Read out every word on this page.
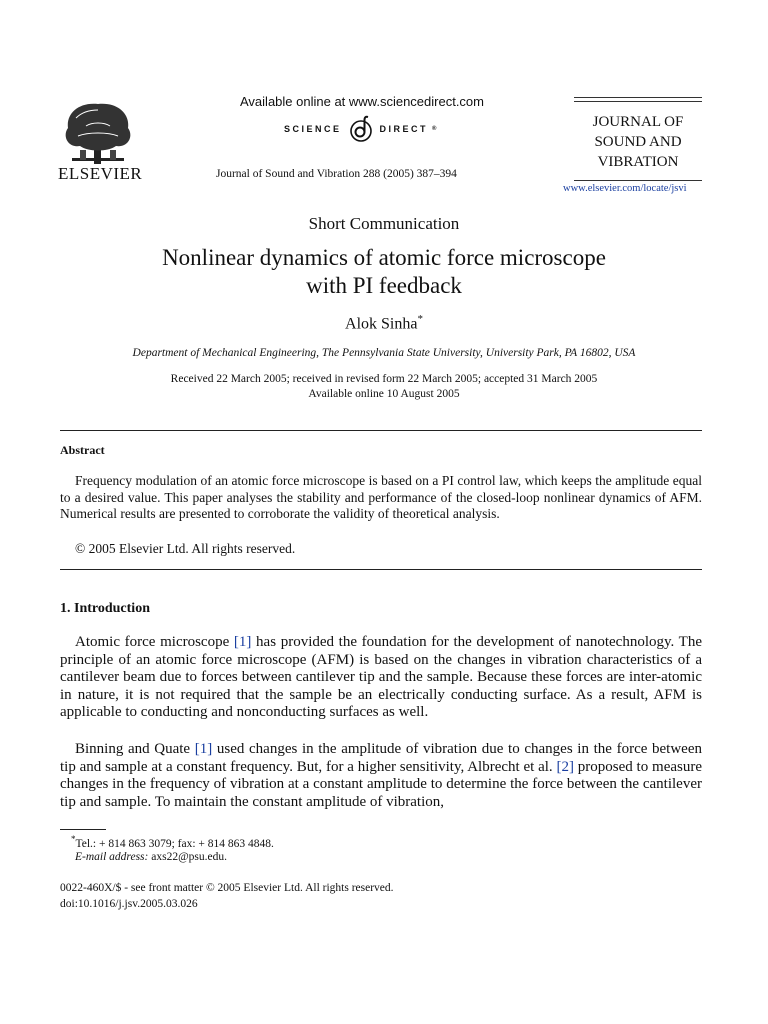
ELSEVIER
Available online at www.sciencedirect.com
SCIENCE	DIRECT ®
Journal of Sound and Vibration 288 (2005) 387–394
JOURNAL OF
SOUND AND
VIBRATION
www.elsevier.com/locate/jsvi
Short Communication
Nonlinear dynamics of atomic force microscope
with PI feedback
Alok Sinha*
Department of Mechanical Engineering, The Pennsylvania State University, University Park, PA 16802, USA
Received 22 March 2005; received in revised form 22 March 2005; accepted 31 March 2005
Available online 10 August 2005
Abstract

Frequency modulation of an atomic force microscope is based on a PI control law, which keeps the amplitude equal to a desired value. This paper analyses the stability and performance of the closed-loop nonlinear dynamics of AFM. Numerical results are presented to corroborate the validity of theoretical analysis.

© 2005 Elsevier Ltd. All rights reserved.
1. Introduction

Atomic force microscope [1] has provided the foundation for the development of nanotechnology. The principle of an atomic force microscope (AFM) is based on the changes in vibration characteristics of a cantilever beam due to forces between cantilever tip and the sample. Because these forces are inter-atomic in nature, it is not required that the sample be an electrically conducting surface. As a result, AFM is applicable to conducting and nonconducting surfaces as well.

Binning and Quate [1] used changes in the amplitude of vibration due to changes in the force between tip and sample at a constant frequency. But, for a higher sensitivity, Albrecht et al. [2] proposed to measure changes in the frequency of vibration at a constant amplitude to determine the force between the cantilever tip and sample. To maintain the constant amplitude of vibration,

*Tel.: + 814 863 3079; fax: + 814 863 4848.
E-mail address: axs22@psu.edu.
0022-460X/$ - see front matter © 2005 Elsevier Ltd. All rights reserved.
doi:10.1016/j.jsv.2005.03.026
